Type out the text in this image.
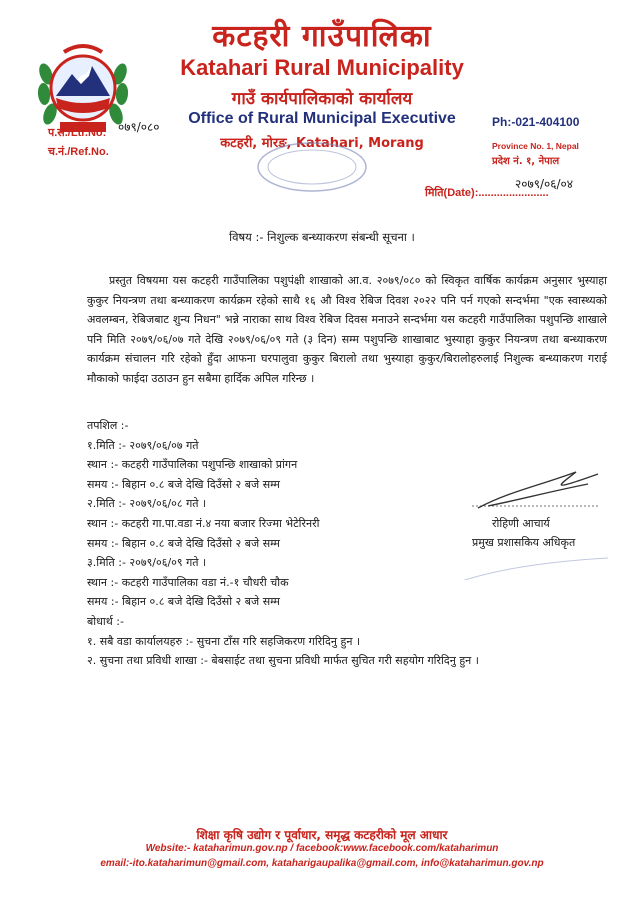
कटहरी गाउँपालिका
Katahari Rural Municipality
गाउँ कार्यपालिकाको कार्यालय
Office of Rural Municipal Executive
कटहरी, मोरङ, Katahari, Morang
Ph:-021-404100
Province No. 1, Nepal
प्रदेश नं. १, नेपाल
प.सं./Ltr.No: ०७९/०८०
च.नं./Ref.No.
मिति(Date):.......................
२०७९/०६/०४
विषय :- निशुल्क बन्ध्याकरण संबन्धी सूचना ।
प्रस्तुत विषयमा यस कटहरी गाउँपालिका पशुपंक्षी शाखाको आ.व. २०७९/०८० को स्विकृत वार्षिक कार्यक्रम अनुसार भुस्याहा कुकुर नियन्त्रण तथा बन्ध्याकरण कार्यक्रम रहेको साथै १६ औ विश्व रेबिज दिवश २०२२ पनि पर्न गएको सन्दर्भमा "एक स्वास्थ्यको अवलम्बन, रेबिजबाट शुन्य निधन" भन्ने नाराका साथ विश्व रेबिज दिवस मनाउने सन्दर्भमा यस कटहरी गाउँपालिका पशुपन्छि शाखाले पनि मिति २०७९/०६/०७ गते देखि २०७९/०६/०९ गते (३ दिन) सम्म पशुपन्छि शाखाबाट भुस्याहा कुकुर नियन्त्रण तथा बन्ध्याकरण कार्यक्रम संचालन गरि रहेको हुँदा आफना घरपालुवा कुकुर बिरालो तथा भुस्याहा कुकुर/बिरालोहरुलाई निशुल्क बन्ध्याकरण गराई मौकाको फाईदा उठाउन हुन सबैमा हार्दिक अपिल गरिन्छ ।
तपशिल :-
१.मिति :- २०७९/०६/०७ गते
स्थान :- कटहरी गाउँपालिका पशुपन्छि शाखाको प्रांगन
समय :- बिहान ०.८ बजे देखि दिउँसो २ बजे सम्म
२.मिति :- २०७९/०६/०८ गते ।
स्थान :- कटहरी गा.पा.वडा नं.४ नया बजार रिज्मा भेटेरिनरी
समय :- बिहान ०.८ बजे देखि दिउँसो २ बजे सम्म
३.मिति :- २०७९/०६/०९ गते ।
स्थान :- कटहरी गाउँपालिका वडा नं.-१ चौधरी चौक
समय :- बिहान ०.८ बजे देखि दिउँसो २ बजे सम्म
बोधार्थ :-
१. सबै वडा कार्यालयहरु :- सुचना टाँस गरि सहजिकरण गरिदिनु हुन ।
२. सुचना तथा प्रविधी शाखा :- बेबसाईट तथा सुचना प्रविधी मार्फत सुचित गरी सहयोग गरिदिनु हुन ।
रोहिणी आचार्य
प्रमुख प्रशासकिय अधिकृत
शिक्षा कृषि उद्योग र पूर्वाधार, समृद्ध कटहरीको मूल आधार
Website:- kataharimun.gov.np / facebook:www.facebook.com/kataharimun
email:-ito.kataharimun@gmail.com, kataharigaupalika@gmail.com, info@kataharimun.gov.np
